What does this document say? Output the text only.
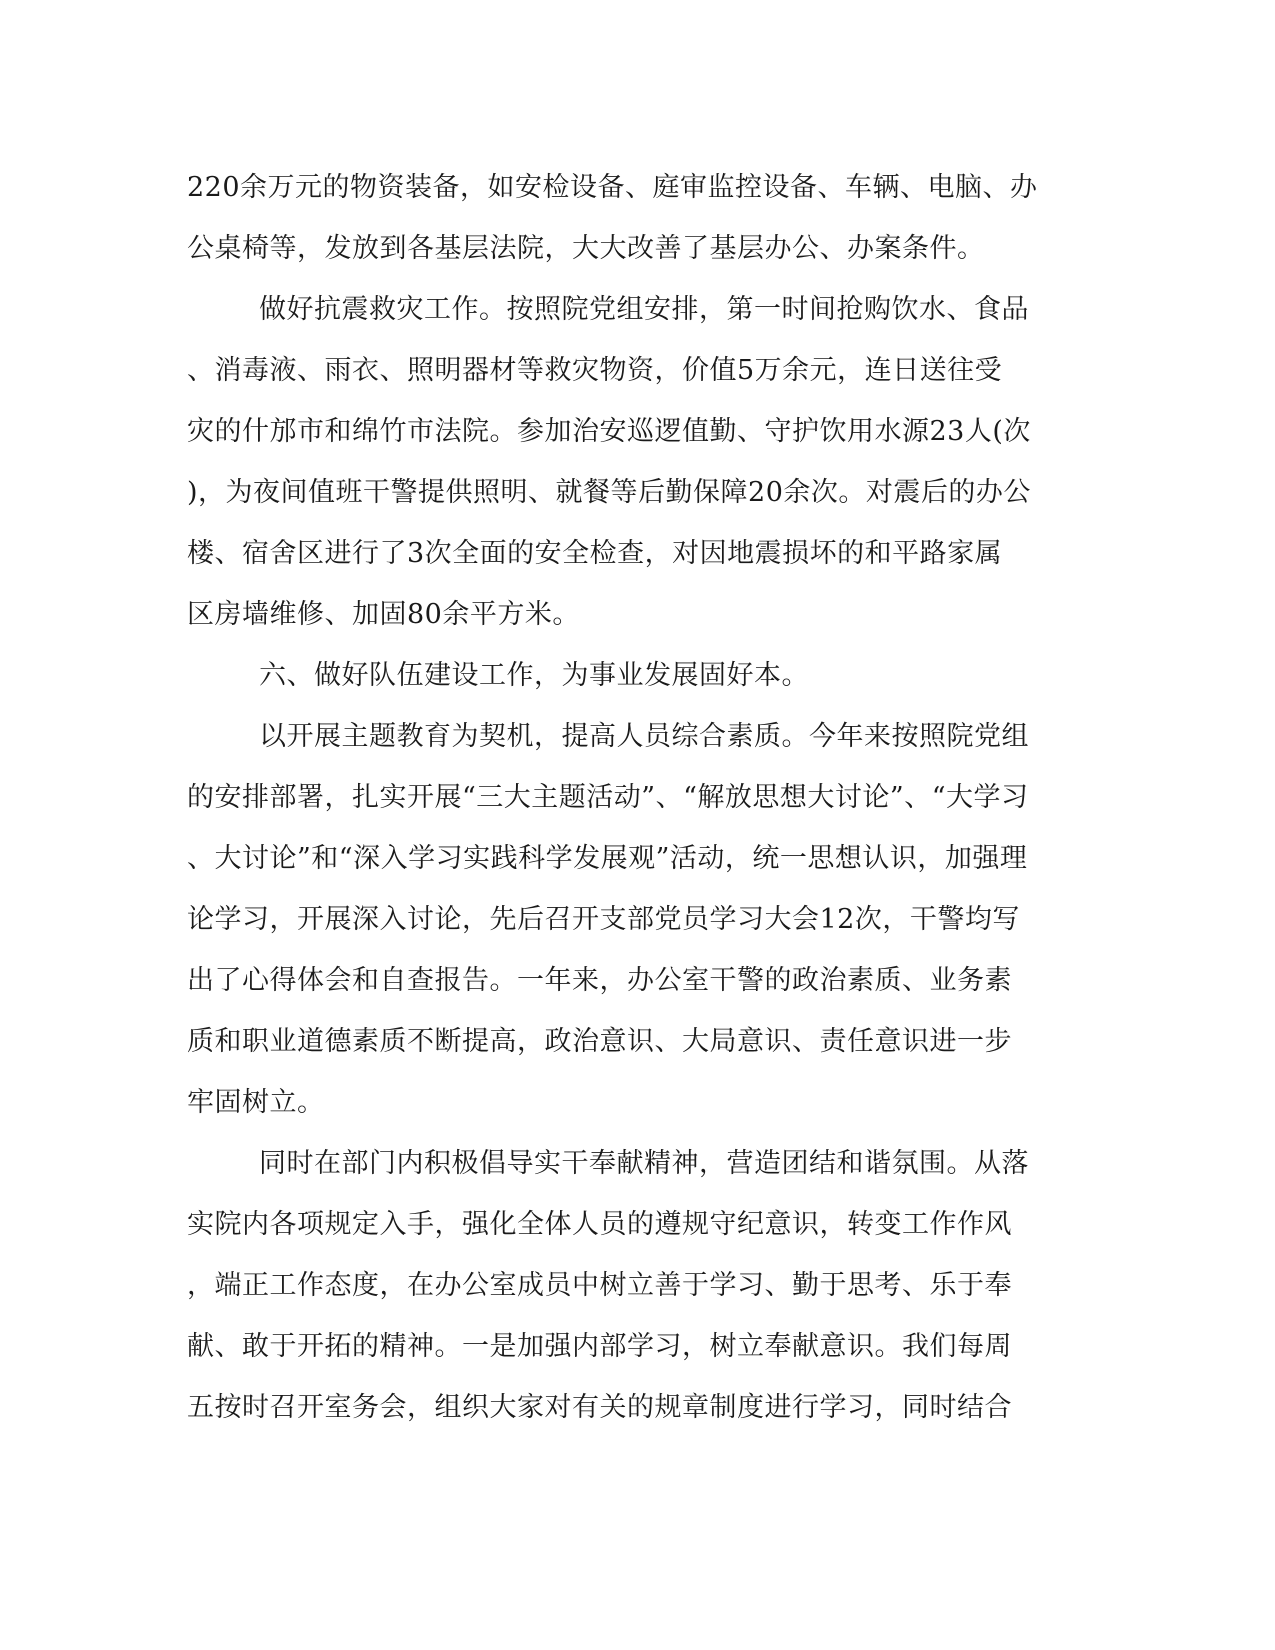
220余万元的物资装备，如安检设备、庭审监控设备、车辆、电脑、办
公桌椅等，发放到各基层法院，大大改善了基层办公、办案条件。
做好抗震救灾工作。按照院党组安排，第一时间抢购饮水、食品
、消毒液、雨衣、照明器材等救灾物资，价值5万余元，连日送往受
灾的什邡市和绵竹市法院。参加治安巡逻值勤、守护饮用水源23人(次
)，为夜间值班干警提供照明、就餐等后勤保障20余次。对震后的办公
楼、宿舍区进行了3次全面的安全检查，对因地震损坏的和平路家属
区房墙维修、加固80余平方米。
六、做好队伍建设工作，为事业发展固好本。
以开展主题教育为契机，提高人员综合素质。今年来按照院党组
的安排部署，扎实开展“三大主题活动”、“解放思想大讨论”、“大学习
、大讨论”和“深入学习实践科学发展观”活动，统一思想认识，加强理
论学习，开展深入讨论，先后召开支部党员学习大会12次，干警均写
出了心得体会和自查报告。一年来，办公室干警的政治素质、业务素
质和职业道德素质不断提高，政治意识、大局意识、责任意识进一步
牢固树立。
同时在部门内积极倡导实干奉献精神，营造团结和谐氛围。从落
实院内各项规定入手，强化全体人员的遵规守纪意识，转变工作作风
，端正工作态度，在办公室成员中树立善于学习、勤于思考、乐于奉
献、敢于开拓的精神。一是加强内部学习，树立奉献意识。我们每周
五按时召开室务会，组织大家对有关的规章制度进行学习，同时结合
